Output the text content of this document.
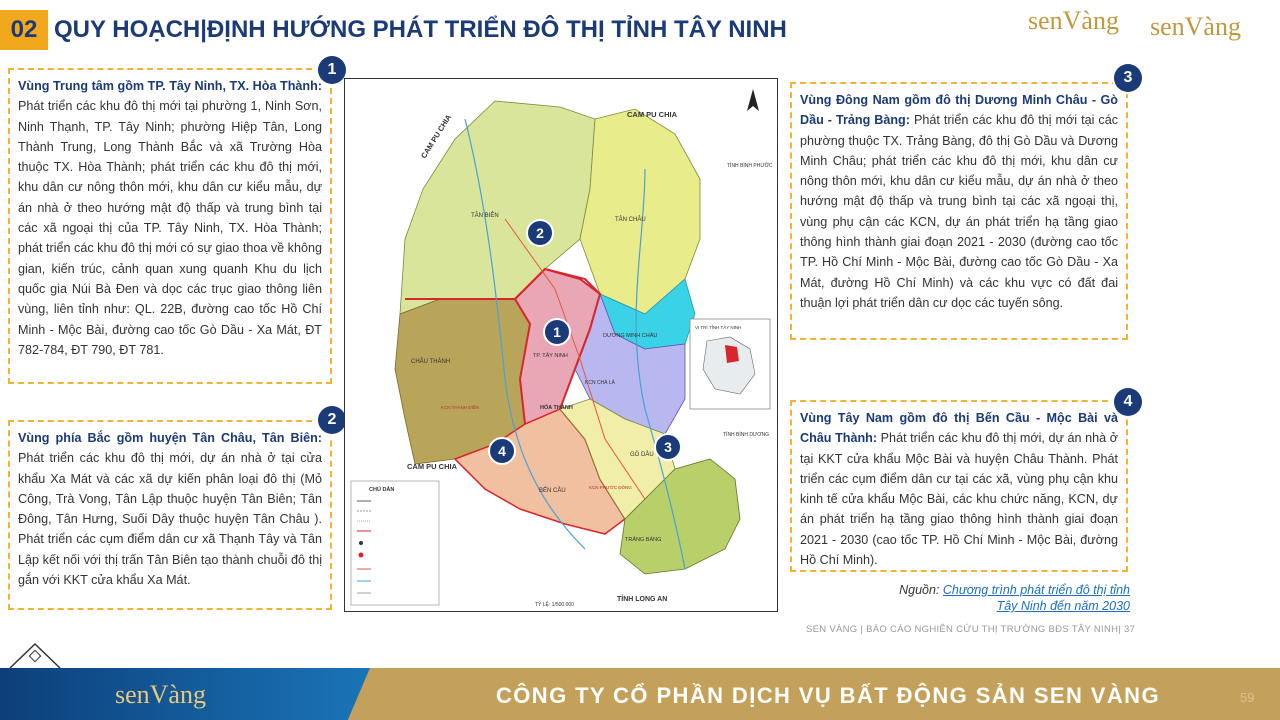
02 QUY HOẠCH|ĐỊNH HƯỚNG PHÁT TRIỂN ĐÔ THỊ TỈNH TÂY NINH	senVàng senVàng
Vùng Trung tâm gồm TP. Tây Ninh, TX. Hòa Thành: Phát triển các khu đô thị mới tại phường 1, Ninh Sơn, Ninh Thạnh, TP. Tây Ninh; phường Hiệp Tân, Long Thành Trung, Long Thành Bắc và xã Trường Hòa thuộc TX. Hòa Thành; phát triển các khu đô thị mới, khu dân cư nông thôn mới, khu dân cư kiểu mẫu, dự án nhà ở theo hướng mật độ thấp và trung bình tại các xã ngoại thị của TP. Tây Ninh, TX. Hòa Thành; phát triển các khu đô thị mới có sự giao thoa về không gian, kiến trúc, cảnh quan xung quanh Khu du lịch quốc gia Núi Bà Đen và dọc các trục giao thông liên vùng, liên tỉnh như: QL. 22B, đường cao tốc Hồ Chí Minh - Mộc Bài, đường cao tốc Gò Dầu - Xa Mát, ĐT 782-784, ĐT 790, ĐT 781.
1
Vùng phía Bắc gồm huyện Tân Châu, Tân Biên: Phát triển các khu đô thị mới, dự án nhà ở tại cửa khẩu Xa Mát và các xã dự kiến phân loại đô thị (Mỏ Công, Trà Vong, Tân Lập thuộc huyện Tân Biên; Tân Đông, Tân Hưng, Suối Dây thuộc huyện Tân Châu ). Phát triển các cụm điểm dân cư xã Thạnh Tây và Tân Lập kết nối với thị trấn Tân Biên tạo thành chuỗi đô thị gắn với KKT cửa khẩu Xa Mát.
2
Vùng Đông Nam gồm đô thị Dương Minh Châu - Gò Dầu - Trảng Bàng: Phát triển các khu đô thị mới tại các phường thuộc TX. Trảng Bàng, đô thị Gò Dầu và Dương Minh Châu; phát triển các khu đô thị mới, khu dân cư nông thôn mới, khu dân cư kiểu mẫu, dự án nhà ở theo hướng mật độ thấp và trung bình tại các xã ngoại thị, vùng phụ cận các KCN, dự án phát triển hạ tầng giao thông hình thành giai đoạn 2021 - 2030 (đường cao tốc TP. Hồ Chí Minh - Mộc Bài, đường cao tốc Gò Dầu - Xa Mát, đường Hồ Chí Minh) và các khu vực có đất đai thuận lợi phát triển dân cư dọc các tuyến sông.
3
Vùng Tây Nam gồm đô thị Bến Cầu - Mộc Bài và Châu Thành: Phát triển các khu đô thị mới, dự án nhà ở tại KKT cửa khẩu Mộc Bài và huyện Châu Thành. Phát triển các cụm điểm dân cư tại các xã, vùng phụ cận khu kinh tế cửa khẩu Mộc Bài, các khu chức năng, KCN, dự án phát triển hạ tầng giao thông hình thành giai đoạn 2021 - 2030 (cao tốc TP. Hồ Chí Minh - Mộc Bài, đường Hồ Chí Minh).
4
CAM PU CHIA
CAM PU CHIA
CAM PU CHIA
TỈNH LONG AN
TỈNH BÌNH DƯƠNG
TỈNH BÌNH PHƯỚC
TÂN BIÊN
TÂN CHÂU
TP. TÂY NINH
DƯƠNG MINH CHÂU
CHÂU THÀNH
HÒA THÀNH
BẾN CẦU
GÒ DẦU
TRẢNG BÀNG
KCN CHÀ LÀ
KCN THANH ĐIỀN
KCN PHƯỚC ĐÔNG
1
2
3
4
VỊ TRÍ TỈNH TÂY NINH
CHÚ DẪN
TỶ LỆ: 1/500.000
Nguồn: Chương trình phát triển đô thị tỉnh
Tây Ninh đến năm 2030
SEN VÀNG | BÁO CÁO NGHIÊN CỨU THỊ TRƯỜNG BĐS TÂY NINH| 37
senVàng	CÔNG TY CỔ PHẦN DỊCH VỤ BẤT ĐỘNG SẢN SEN VÀNG	59
